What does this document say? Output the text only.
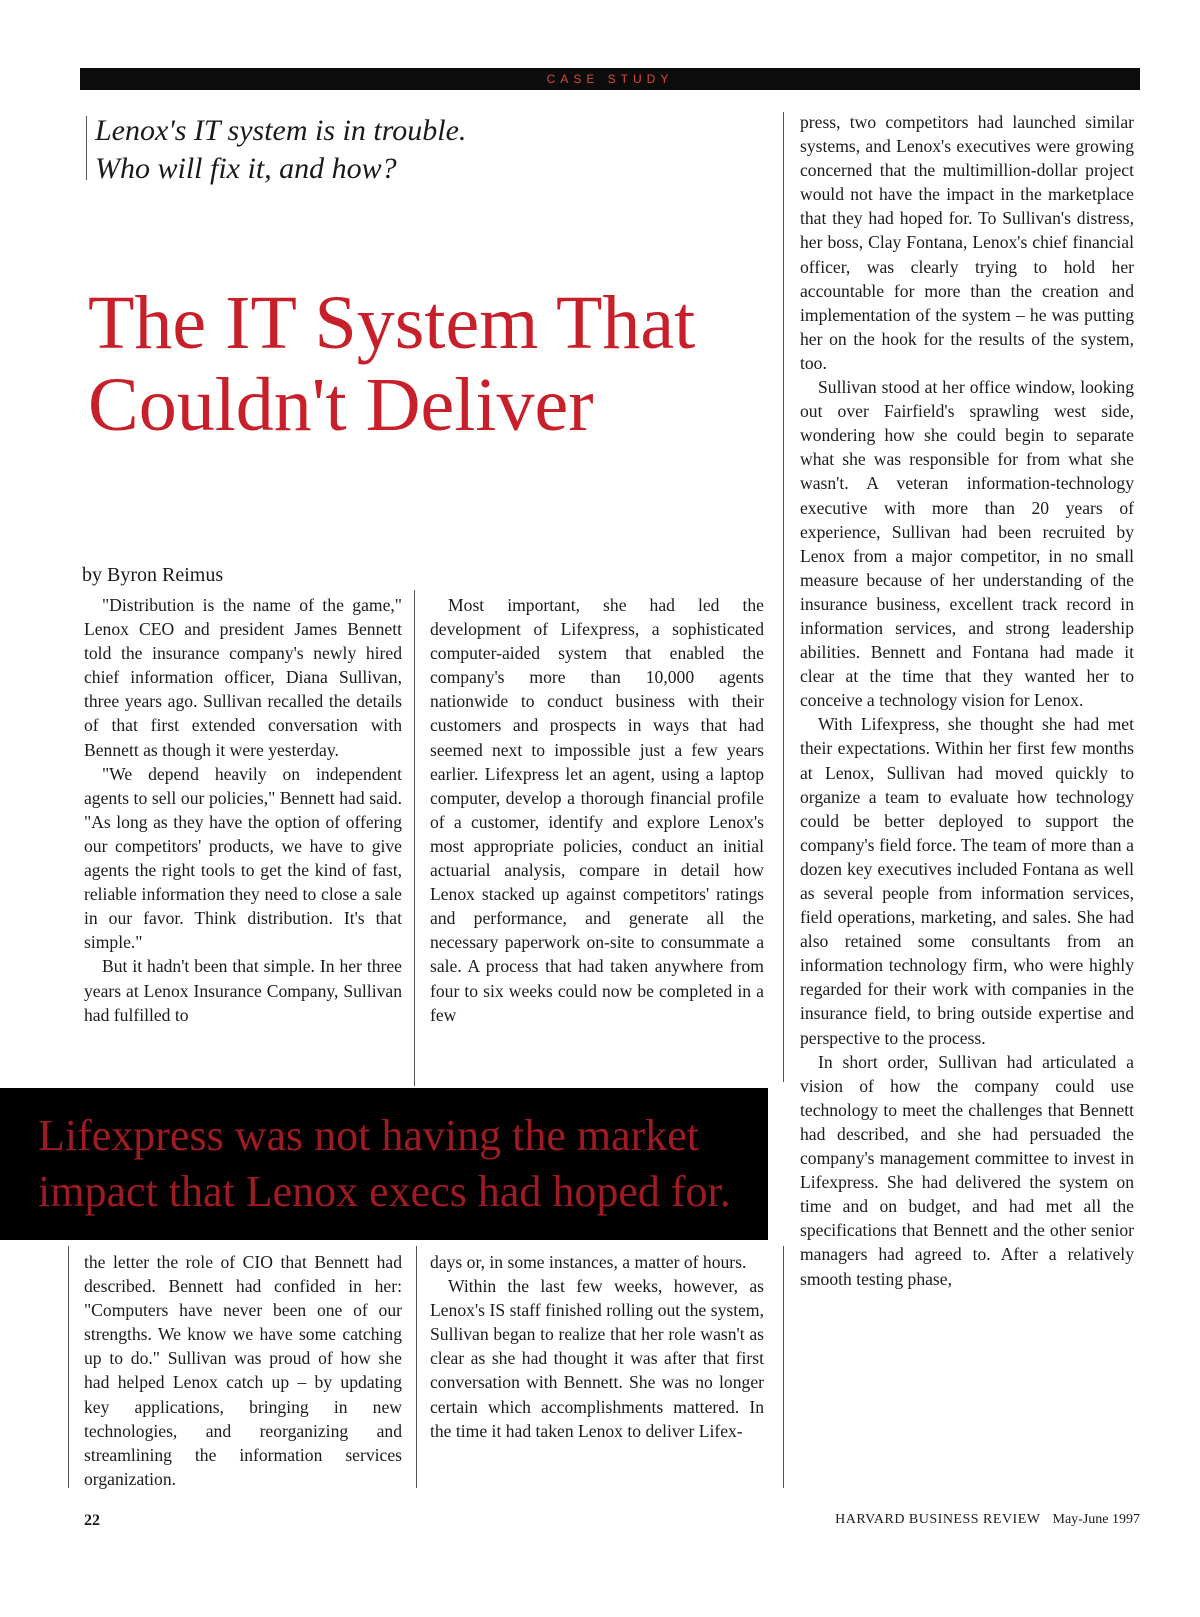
CASE STUDY
Lenox's IT system is in trouble.
Who will fix it, and how?
The IT System That
Couldn't Deliver
by Byron Reimus

"Distribution is the name of the game," Lenox CEO and president James Bennett told the insurance company's newly hired chief information officer, Diana Sullivan, three years ago. Sullivan recalled the details of that first extended conversation with Bennett as though it were yesterday.

"We depend heavily on independent agents to sell our policies," Bennett had said. "As long as they have the option of offering our competitors' products, we have to give agents the right tools to get the kind of fast, reliable information they need to close a sale in our favor. Think distribution. It's that simple."

But it hadn't been that simple. In her three years at Lenox Insurance Company, Sullivan had fulfilled to

Most important, she had led the development of Lifexpress, a sophisticated computer-aided system that enabled the company's more than 10,000 agents nationwide to conduct business with their customers and prospects in ways that had seemed next to impossible just a few years earlier. Lifexpress let an agent, using a laptop computer, develop a thorough financial profile of a customer, identify and explore Lenox's most appropriate policies, conduct an initial actuarial analysis, compare in detail how Lenox stacked up against competitors' ratings and performance, and generate all the necessary paperwork on-site to consummate a sale. A process that had taken anywhere from four to six weeks could now be completed in a few

press, two competitors had launched similar systems, and Lenox's executives were growing concerned that the multimillion-dollar project would not have the impact in the marketplace that they had hoped for. To Sullivan's distress, her boss, Clay Fontana, Lenox's chief financial officer, was clearly trying to hold her accountable for more than the creation and implementation of the system – he was putting her on the hook for the results of the system, too.

Sullivan stood at her office window, looking out over Fairfield's sprawling west side, wondering how she could begin to separate what she was responsible for from what she wasn't. A veteran information-technology executive with more than 20 years of experience, Sullivan had been recruited by Lenox from a major competitor, in no small measure because of her understanding of the insurance business, excellent track record in information services, and strong leadership abilities. Bennett and Fontana had made it clear at the time that they wanted her to conceive a technology vision for Lenox.

With Lifexpress, she thought she had met their expectations. Within her first few months at Lenox, Sullivan had moved quickly to organize a team to evaluate how technology could be better deployed to support the company's field force. The team of more than a dozen key executives included Fontana as well as several people from information services, field operations, marketing, and sales. She had also retained some consultants from an information technology firm, who were highly regarded for their work with companies in the insurance field, to bring outside expertise and perspective to the process.

In short order, Sullivan had articulated a vision of how the company could use technology to meet the challenges that Bennett had described, and she had persuaded the company's management committee to invest in Lifexpress. She had delivered the system on time and on budget, and had met all the specifications that Bennett and the other senior managers had agreed to. After a relatively smooth testing phase,

Lifexpress was not having the market
impact that Lenox execs had hoped for.

the letter the role of CIO that Bennett had described. Bennett had confided in her: "Computers have never been one of our strengths. We know we have some catching up to do." Sullivan was proud of how she had helped Lenox catch up – by updating key applications, bringing in new technologies, and reorganizing and streamlining the information services organization.

days or, in some instances, a matter of hours.

Within the last few weeks, however, as Lenox's IS staff finished rolling out the system, Sullivan began to realize that her role wasn't as clear as she had thought it was after that first conversation with Bennett. She was no longer certain which accomplishments mattered. In the time it had taken Lenox to deliver Lifex-

22	HARVARD BUSINESS REVIEW May-June 1997
